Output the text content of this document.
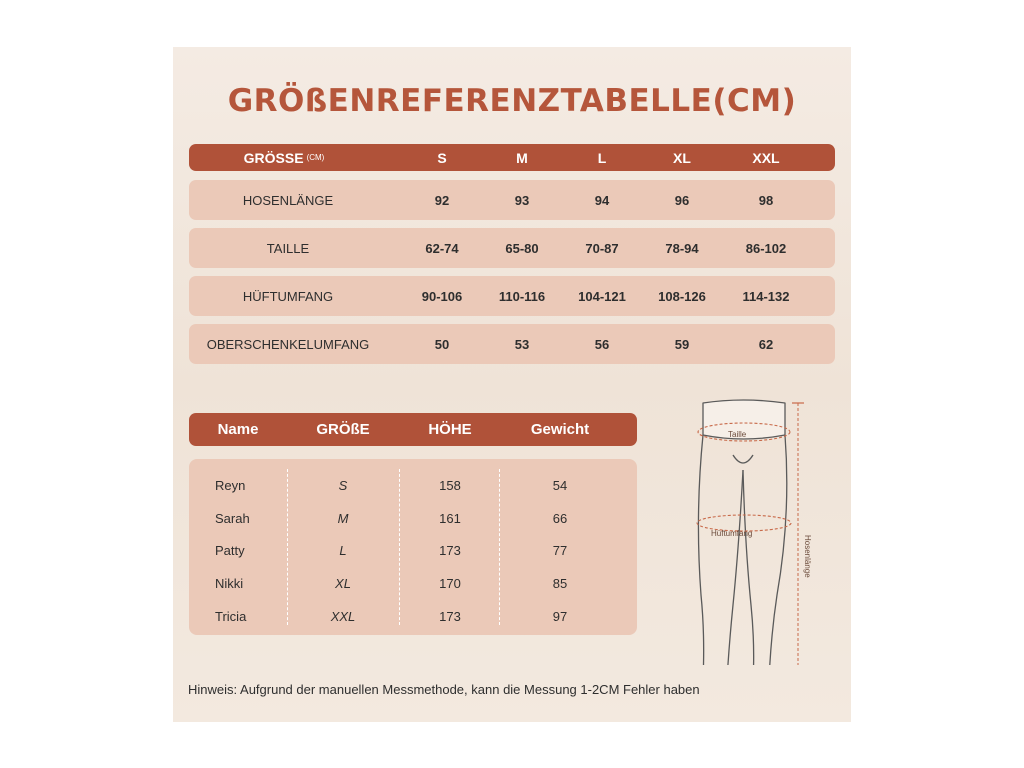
GRÖßENREFERENZTABELLE(CM)
GRÖSSE (CM)	S	M	L	XL	XXL
HOSENLÄNGE	92	93	94	96	98
TAILLE	62-74	65-80	70-87	78-94	86-102
HÜFTUMFANG	90-106	110-116	104-121	108-126	114-132
OBERSCHENKELUMFANG	50	53	56	59	62
Name	GRÖßE	HÖHE	Gewicht
Reyn	S	158	54
Sarah	M	161	66
Patty	L	173	77
Nikki	XL	170	85
Tricia	XXL	173	97
Taille
Hüftumfang
Hosenlänge
Hinweis: Aufgrund der manuellen Messmethode, kann die Messung 1-2CM Fehler haben
